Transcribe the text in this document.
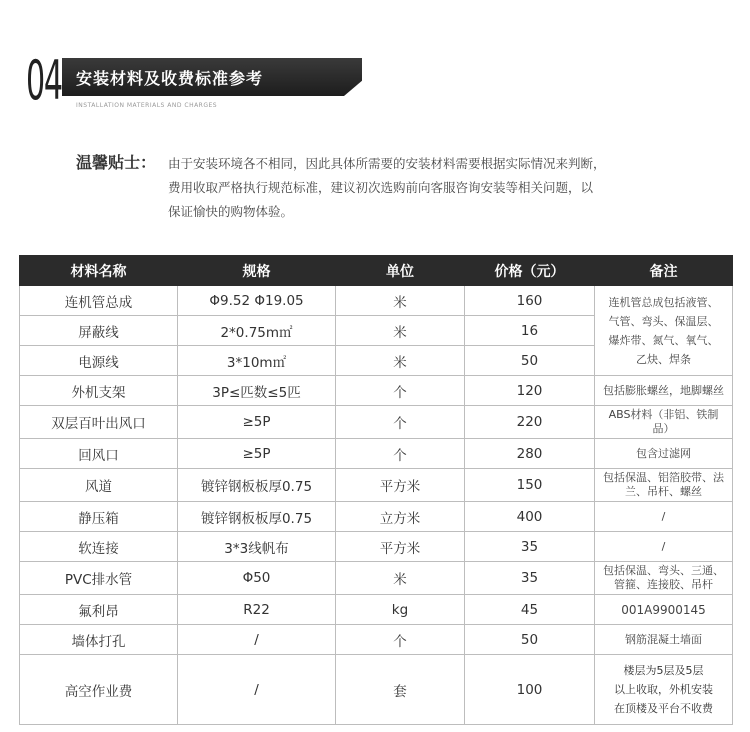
04 安装材料及收费标准参考
INSTALLATION MATERIALS AND CHARGES
温馨贴士： 由于安装环境各不相同，因此具体所需要的安装材料需要根据实际情况来判断，
费用收取严格执行规范标准，建议初次选购前向客服咨询安装等相关问题，以
保证愉快的购物体验。
材料名称	规格	单位	价格（元）	备注
连机管总成	Φ9.52 Φ19.05	米	160	连机管总成包括液管、气管、弯头、保温层、爆炸带、氮气、氧气、乙炔、焊条
屏蔽线	2*0.75m㎡	米	16	
电源线	3*10m㎡	米	50	
外机支架	3P≤匹数≤5匹	个	120	包括膨胀螺丝，地脚螺丝
双层百叶出风口	≥5P	个	220	ABS材料（非铝、铁制品）
回风口	≥5P	个	280	包含过滤网
风道	镀锌钢板板厚0.75	平方米	150	包括保温、铝箔胶带、法兰、吊杆、螺丝
静压箱	镀锌钢板板厚0.75	立方米	400	/
软连接	3*3线帆布	平方米	35	/
PVC排水管	Φ50	米	35	包括保温、弯头、三通、管箍、连接胶、吊杆
氟利昂	R22	kg	45	001A9900145
墙体打孔	/	个	50	钢筋混凝土墙面
高空作业费	/	套	100	楼层为5层及5层
以上收取，外机安装
在顶楼及平台不收费
